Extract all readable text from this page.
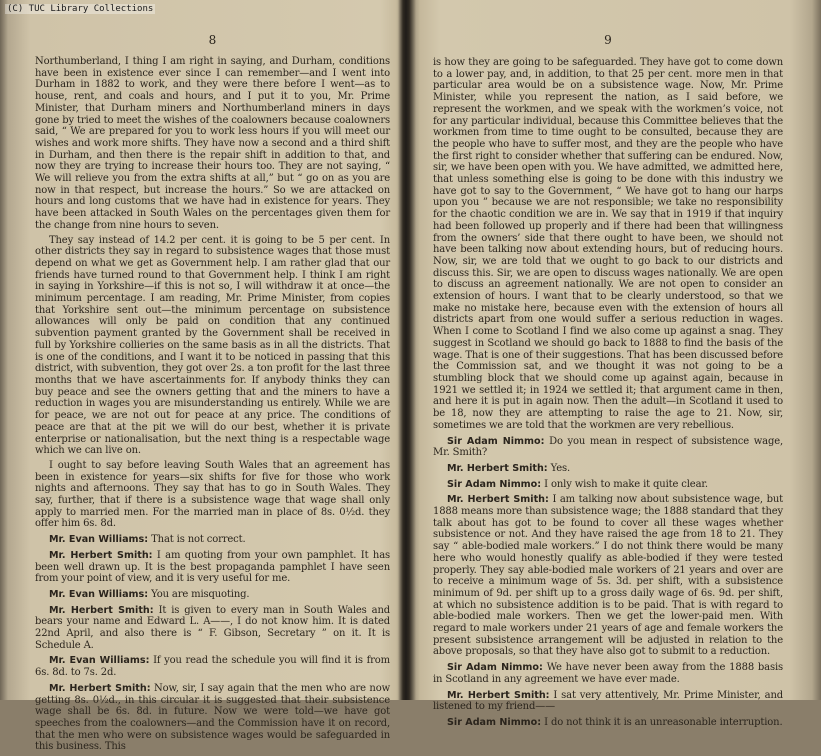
(C) TUC Library Collections
8

Northumberland, I thing I am right in saying, and Durham, conditions have been in existence ever since I can remember—and I went into Durham in 1882 to work, and they were there before I went—as to house, rent, and coals and hours, and I put it to you, Mr. Prime Minister, that Durham miners and Northumberland miners in days gone by tried to meet the wishes of the coalowners because coalowners said, “ We are prepared for you to work less hours if you will meet our wishes and work more shifts. They have now a second and a third shift in Durham, and then there is the repair shift in addition to that, and now they are trying to increase their hours too. They are not saying, “ We will relieve you from the extra shifts at all,” but “ go on as you are now in that respect, but increase the hours.” So we are attacked on hours and long customs that we have had in existence for years. They have been attacked in South Wales on the percentages given them for the change from nine hours to seven.

They say instead of 14.2 per cent. it is going to be 5 per cent. In other districts they say in regard to subsistence wages that those must depend on what we get as Government help. I am rather glad that our friends have turned round to that Government help. I think I am right in saying in Yorkshire—if this is not so, I will withdraw it at once—the minimum percentage. I am reading, Mr. Prime Minister, from copies that Yorkshire sent out—the minimum percentage on subsistence allowances will only be paid on condition that any continued subvention payment granted by the Government shall be received in full by Yorkshire collieries on the same basis as in all the districts. That is one of the conditions, and I want it to be noticed in passing that this district, with subvention, they got over 2s. a ton profit for the last three months that we have ascertainments for. If anybody thinks they can buy peace and see the owners getting that and the miners to have a reduction in wages you are misunderstanding us entirely. While we are for peace, we are not out for peace at any price. The conditions of peace are that at the pit we will do our best, whether it is private enterprise or nationalisation, but the next thing is a respectable wage which we can live on.

I ought to say before leaving South Wales that an agreement has been in existence for years—six shifts for five for those who work nights and afternoons. They say that has to go in South Wales. They say, further, that if there is a subsistence wage that wage shall only apply to married men. For the married man in place of 8s. 0½d. they offer him 6s. 8d.

Mr. Evan Williams: That is not correct.

Mr. Herbert Smith: I am quoting from your own pamphlet. It has been well drawn up. It is the best propaganda pamphlet I have seen from your point of view, and it is very useful for me.

Mr. Evan Williams: You are misquoting.

Mr. Herbert Smith: It is given to every man in South Wales and bears your name and Edward L. A——, I do not know him. It is dated 22nd April, and also there is “ F. Gibson, Secretary ” on it. It is Schedule A.

Mr. Evan Williams: If you read the schedule you will find it is from 6s. 8d. to 7s. 2d.

Mr. Herbert Smith: Now, sir, I say again that the men who are now getting 8s. 0½d., in this circular it is suggested that their subsistence wage shall be 6s. 8d. in future. Now we were told—we have got speeches from the coalowners—and the Commission have it on record, that the men who were on subsistence wages would be safeguarded in this business. This

9

is how they are going to be safeguarded. They have got to come down to a lower pay, and, in addition, to that 25 per cent. more men in that particular area would be on a subsistence wage. Now, Mr. Prime Minister, while you represent the nation, as I said before, we represent the workmen, and we speak with the workmen’s voice, not for any particular individual, because this Committee believes that the workmen from time to time ought to be consulted, because they are the people who have to suffer most, and they are the people who have the first right to consider whether that suffering can be endured. Now, sir, we have been open with you. We have admitted, we admitted here, that unless something else is going to be done with this industry we have got to say to the Government, “ We have got to hang our harps upon you ” because we are not responsible; we take no responsibility for the chaotic condition we are in. We say that in 1919 if that inquiry had been followed up properly and if there had been that willingness from the owners’ side that there ought to have been, we should not have been talking now about extending hours, but of reducing hours. Now, sir, we are told that we ought to go back to our districts and discuss this. Sir, we are open to discuss wages nationally. We are open to discuss an agreement nationally. We are not open to consider an extension of hours. I want that to be clearly understood, so that we make no mistake here, because even with the extension of hours all districts apart from one would suffer a serious reduction in wages. When I come to Scotland I find we also come up against a snag. They suggest in Scotland we should go back to 1888 to find the basis of the wage. That is one of their suggestions. That has been discussed before the Commission sat, and we thought it was not going to be a stumbling block that we should come up against again, because in 1921 we settled it; in 1924 we settled it; that argument came in then, and here it is put in again now. Then the adult—in Scotland it used to be 18, now they are attempting to raise the age to 21. Now, sir, sometimes we are told that the workmen are very rebellious.

Sir Adam Nimmo: Do you mean in respect of subsistence wage, Mr. Smith?

Mr. Herbert Smith: Yes.

Sir Adam Nimmo: I only wish to make it quite clear.

Mr. Herbert Smith: I am talking now about subsistence wage, but 1888 means more than subsistence wage; the 1888 standard that they talk about has got to be found to cover all these wages whether subsistence or not. And they have raised the age from 18 to 21. They say “ able-bodied male workers.” I do not think there would be many here who would honestly qualify as able-bodied if they were tested properly. They say able-bodied male workers of 21 years and over are to receive a minimum wage of 5s. 3d. per shift, with a subsistence minimum of 9d. per shift up to a gross daily wage of 6s. 9d. per shift, at which no subsistence addition is to be paid. That is with regard to able-bodied male workers. Then we get the lower-paid men. With regard to male workers under 21 years of age and female workers the present subsistence arrangement will be adjusted in relation to the above proposals, so that they have also got to submit to a reduction.

Sir Adam Nimmo: We have never been away from the 1888 basis in Scotland in any agreement we have ever made.

Mr. Herbert Smith: I sat very attentively, Mr. Prime Minister, and listened to my friend——

Sir Adam Nimmo: I do not think it is an unreasonable interruption.
